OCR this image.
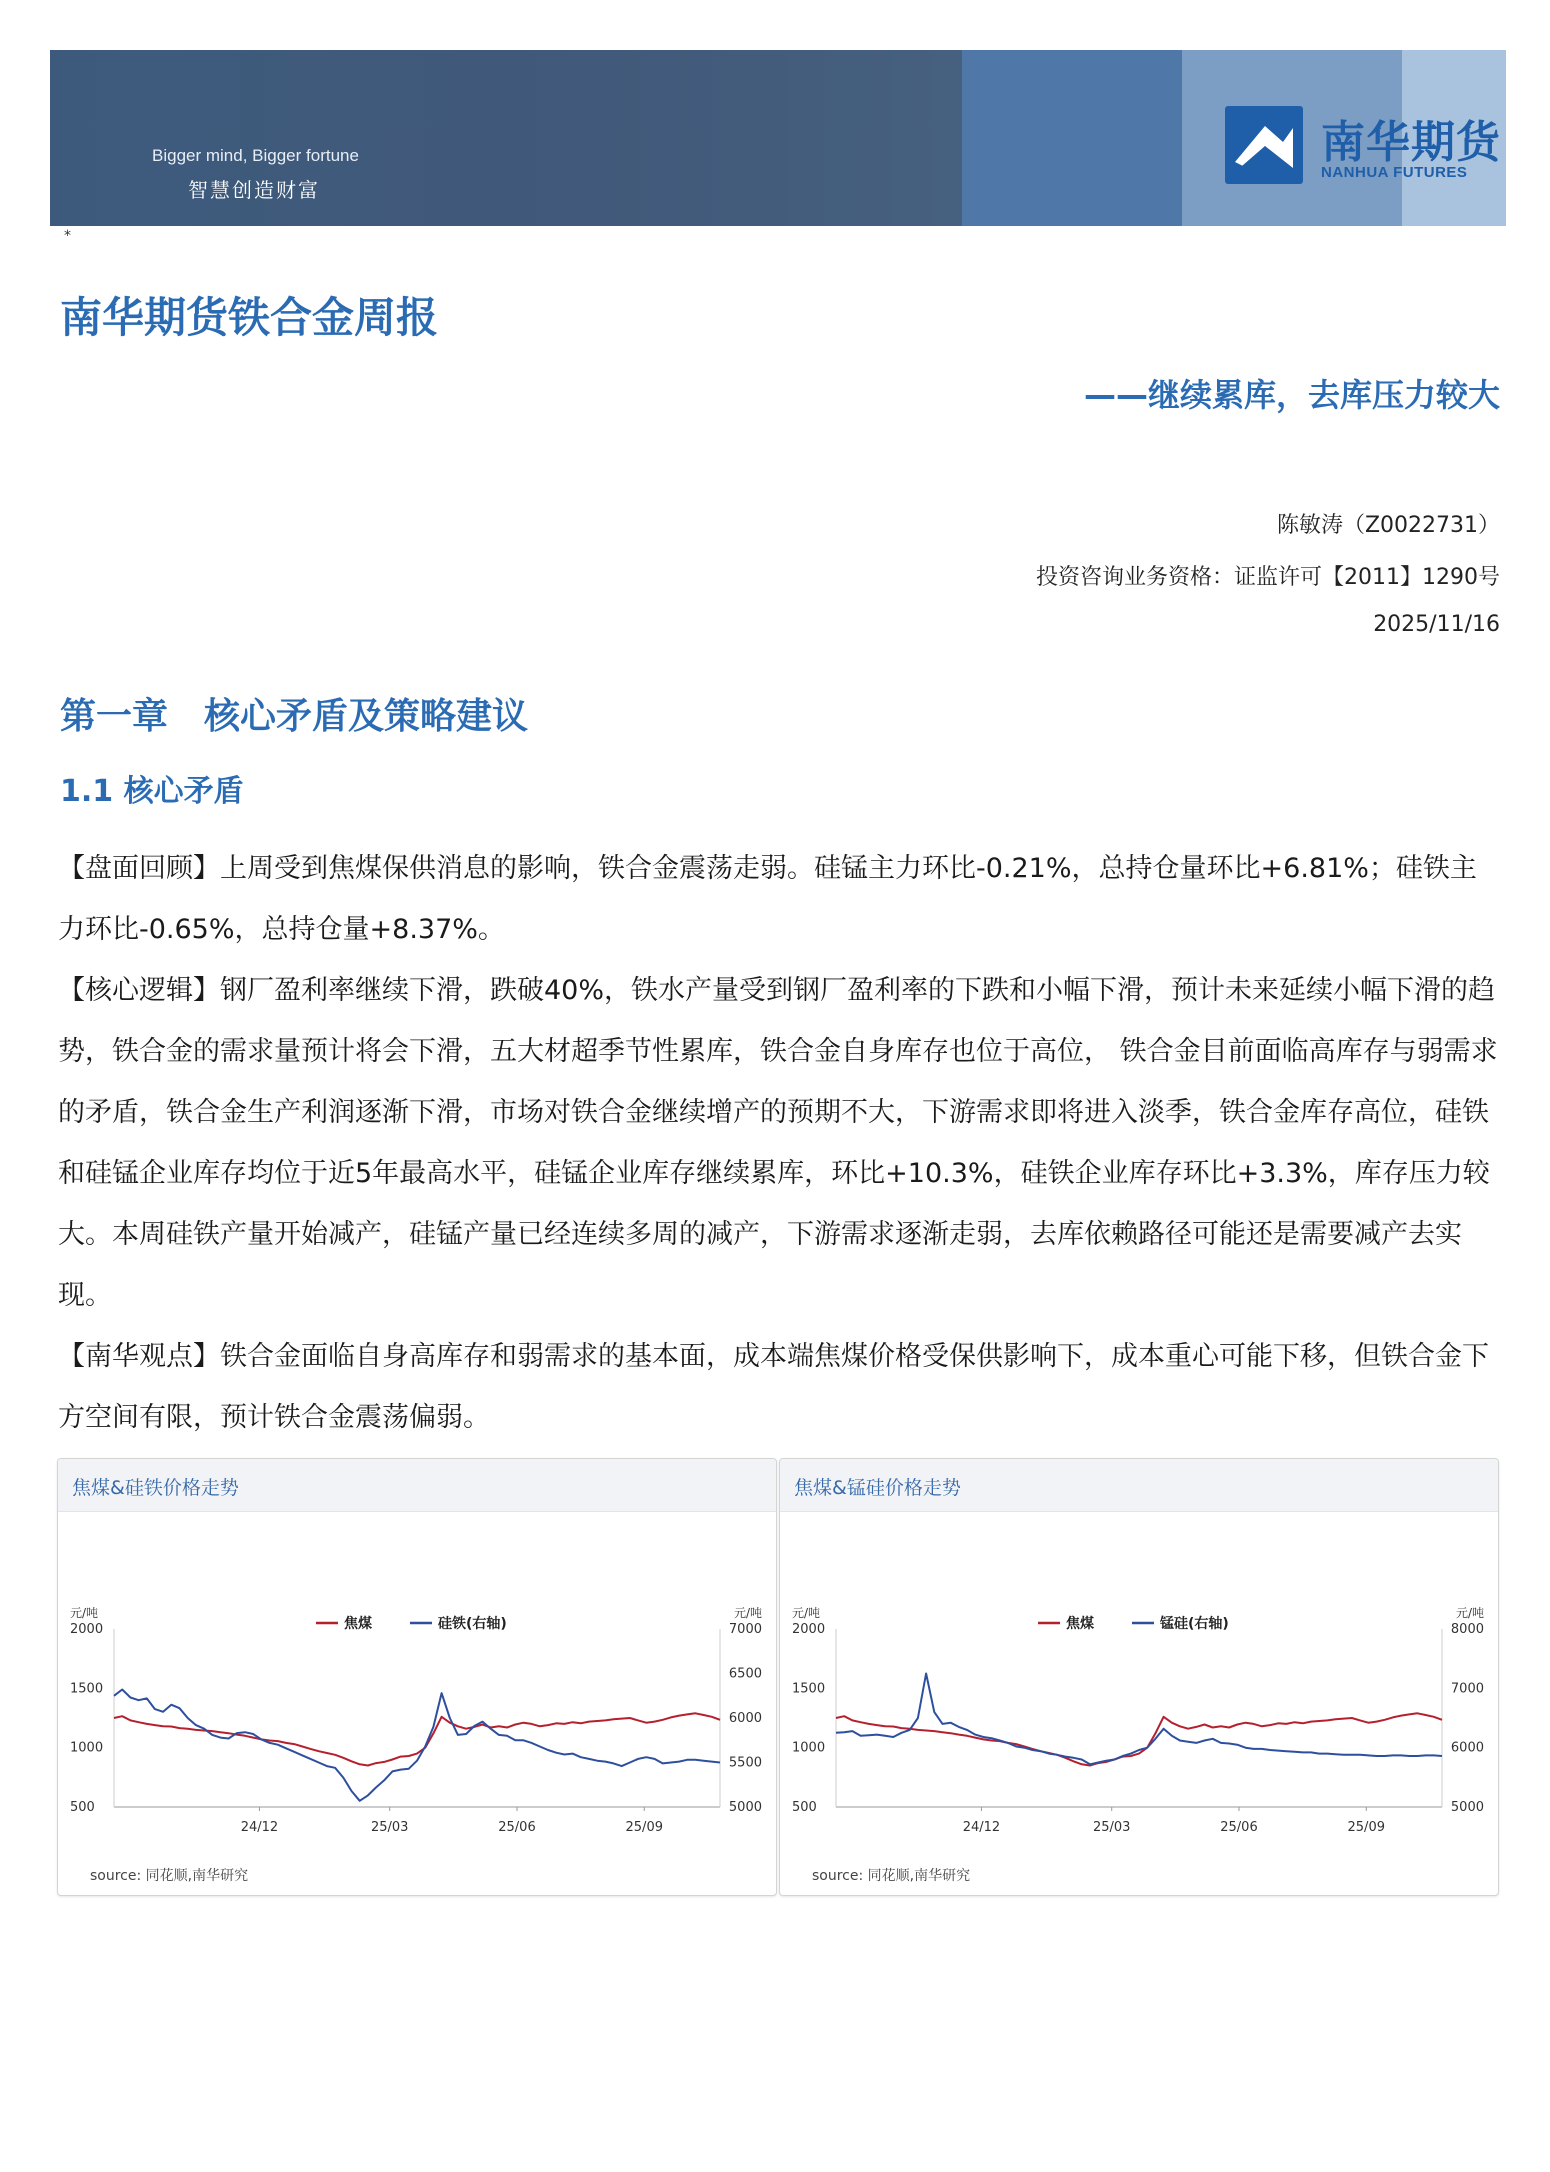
Bigger mind, Bigger fortune
智慧创造财富
南华期货
NANHUA FUTURES
*
南华期货铁合金周报
——继续累库，去库压力较大
陈敏涛（Z0022731）
投资咨询业务资格：证监许可【2011】1290号
2025/11/16
第一章　核心矛盾及策略建议
1.1 核心矛盾
【盘面回顾】上周受到焦煤保供消息的影响，铁合金震荡走弱。硅锰主力环比-0.21%，总持仓量环比+6.81%；硅铁主力环比-0.65%，总持仓量+8.37%。
【核心逻辑】钢厂盈利率继续下滑，跌破40%，铁水产量受到钢厂盈利率的下跌和小幅下滑，预计未来延续小幅下滑的趋势，铁合金的需求量预计将会下滑，五大材超季节性累库，铁合金自身库存也位于高位， 铁合金目前面临高库存与弱需求的矛盾，铁合金生产利润逐渐下滑，市场对铁合金继续增产的预期不大，下游需求即将进入淡季，铁合金库存高位，硅铁和硅锰企业库存均位于近5年最高水平，硅锰企业库存继续累库，环比+10.3%，硅铁企业库存环比+3.3%，库存压力较大。本周硅铁产量开始减产，硅锰产量已经连续多周的减产，下游需求逐渐走弱，去库依赖路径可能还是需要减产去实现。
【南华观点】铁合金面临自身高库存和弱需求的基本面，成本端焦煤价格受保供影响下，成本重心可能下移，但铁合金下方空间有限，预计铁合金震荡偏弱。
焦煤&硅铁价格走势
元/吨	元/吨
焦煤	硅铁(右轴)
500
1000
1500
2000
5000
5500
6000
6500
7000
24/12	25/03	25/06	25/09
source: 同花顺,南华研究
焦煤&锰硅价格走势
元/吨	元/吨
焦煤	锰硅(右轴)
500
1000
1500
2000
5000
6000
7000
8000
24/12	25/03	25/06	25/09
source: 同花顺,南华研究
